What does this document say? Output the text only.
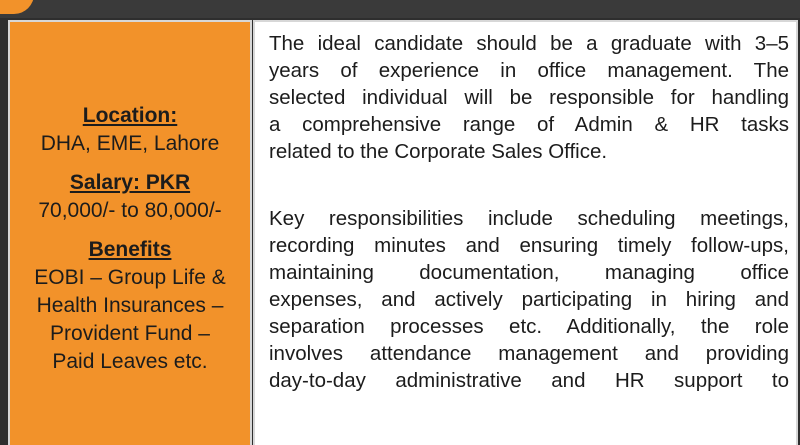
Location:
DHA, EME, Lahore
Salary: PKR
70,000/- to 80,000/-
Benefits
EOBI – Group Life &
Health Insurances –
Provident Fund –
Paid Leaves etc.
The ideal candidate should be a graduate with 3–5
years of experience in office management. The
selected individual will be responsible for handling
a comprehensive range of Admin & HR tasks
related to the Corporate Sales Office.
Key responsibilities include scheduling meetings,
recording minutes and ensuring timely follow-ups,
maintaining documentation, managing office
expenses, and actively participating in hiring and
separation processes etc. Additionally, the role
involves attendance management and providing
day-to-day administrative and HR support to
